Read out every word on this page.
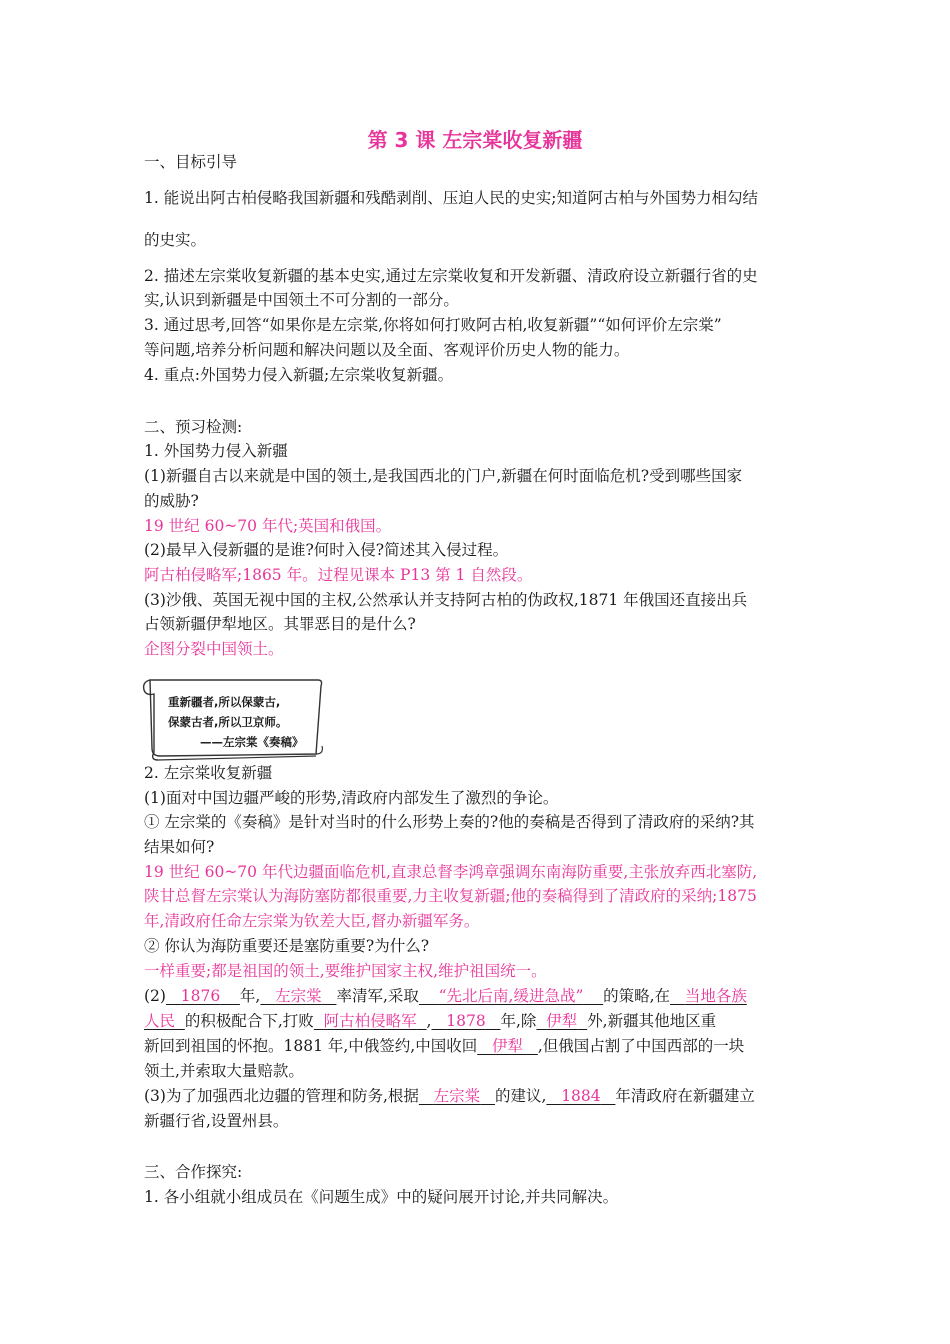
第 3 课 左宗棠收复新疆
一、目标引导
1. 能说出阿古柏侵略我国新疆和残酷剥削、压迫人民的史实;知道阿古柏与外国势力相勾结
的史实。
2. 描述左宗棠收复新疆的基本史实,通过左宗棠收复和开发新疆、清政府设立新疆行省的史
实,认识到新疆是中国领土不可分割的一部分。
3. 通过思考,回答“如果你是左宗棠,你将如何打败阿古柏,收复新疆”“如何评价左宗棠”
等问题,培养分析问题和解决问题以及全面、客观评价历史人物的能力。
4. 重点:外国势力侵入新疆;左宗棠收复新疆。
二、预习检测:
1. 外国势力侵入新疆
(1)新疆自古以来就是中国的领土,是我国西北的门户,新疆在何时面临危机?受到哪些国家
的威胁?
19 世纪 60~70 年代;英国和俄国。
(2)最早入侵新疆的是谁?何时入侵?简述其入侵过程。
阿古柏侵略军;1865 年。过程见课本 P13 第 1 自然段。
(3)沙俄、英国无视中国的主权,公然承认并支持阿古柏的伪政权,1871 年俄国还直接出兵
占领新疆伊犁地区。其罪恶目的是什么?
企图分裂中国领土。
重新疆者,所以保蒙古,
保蒙古者,所以卫京师。
——左宗棠《奏稿》
2. 左宗棠收复新疆
(1)面对中国边疆严峻的形势,清政府内部发生了激烈的争论。
① 左宗棠的《奏稿》是针对当时的什么形势上奏的?他的奏稿是否得到了清政府的采纳?其
结果如何?
19 世纪 60~70 年代边疆面临危机,直隶总督李鸿章强调东南海防重要,主张放弃西北塞防,
陕甘总督左宗棠认为海防塞防都很重要,力主收复新疆;他的奏稿得到了清政府的采纳;1875
年,清政府任命左宗棠为钦差大臣,督办新疆军务。
② 你认为海防重要还是塞防重要?为什么?
一样重要;都是祖国的领土,要维护国家主权,维护祖国统一。
(2) 1876 年, 左宗棠 率清军,采取 “先北后南,缓进急战” 的策略,在 当地各族
人民 的积极配合下,打败 阿古柏侵略军 , 1878 年,除 伊犁 外,新疆其他地区重
新回到祖国的怀抱。1881 年,中俄签约,中国收回 伊犁 ,但俄国占割了中国西部的一块
领土,并索取大量赔款。
(3)为了加强西北边疆的管理和防务,根据 左宗棠 的建议, 1884 年清政府在新疆建立
新疆行省,设置州县。
三、合作探究:
1. 各小组就小组成员在《问题生成》中的疑问展开讨论,并共同解决。
